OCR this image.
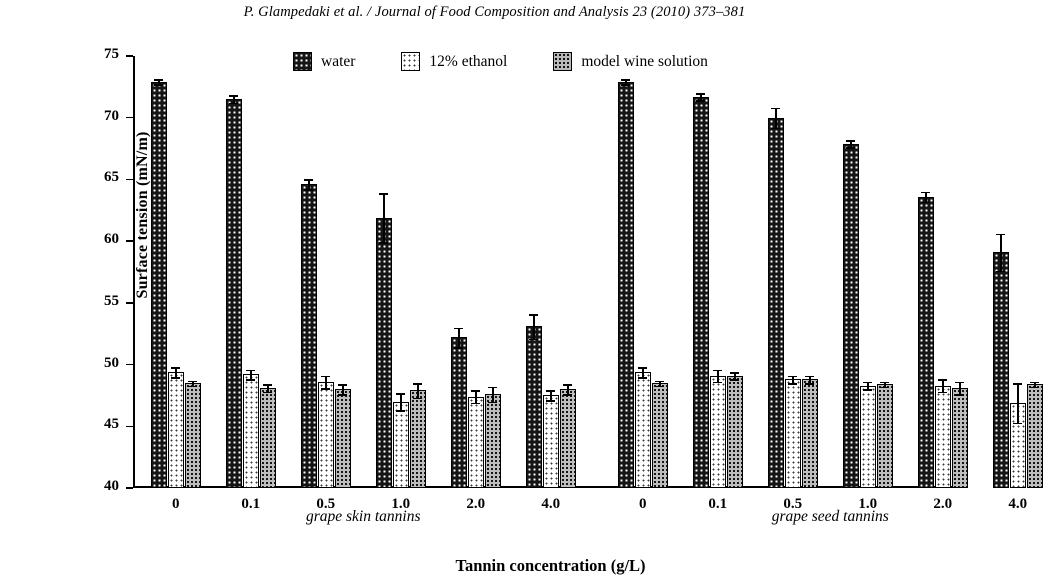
P. Glampedaki et al. / Journal of Food Composition and Analysis 23 (2010) 373–381
water	12% ethanol	model wine solution
Surface tension (mN/m)
Tannin concentration (g/L)
40
45
50
55
60
65
70
75
0	0.1	0.5	1.0	2.0	4.0	0	0.1	0.5	1.0	2.0	4.0
grape skin tannins	grape seed tannins
